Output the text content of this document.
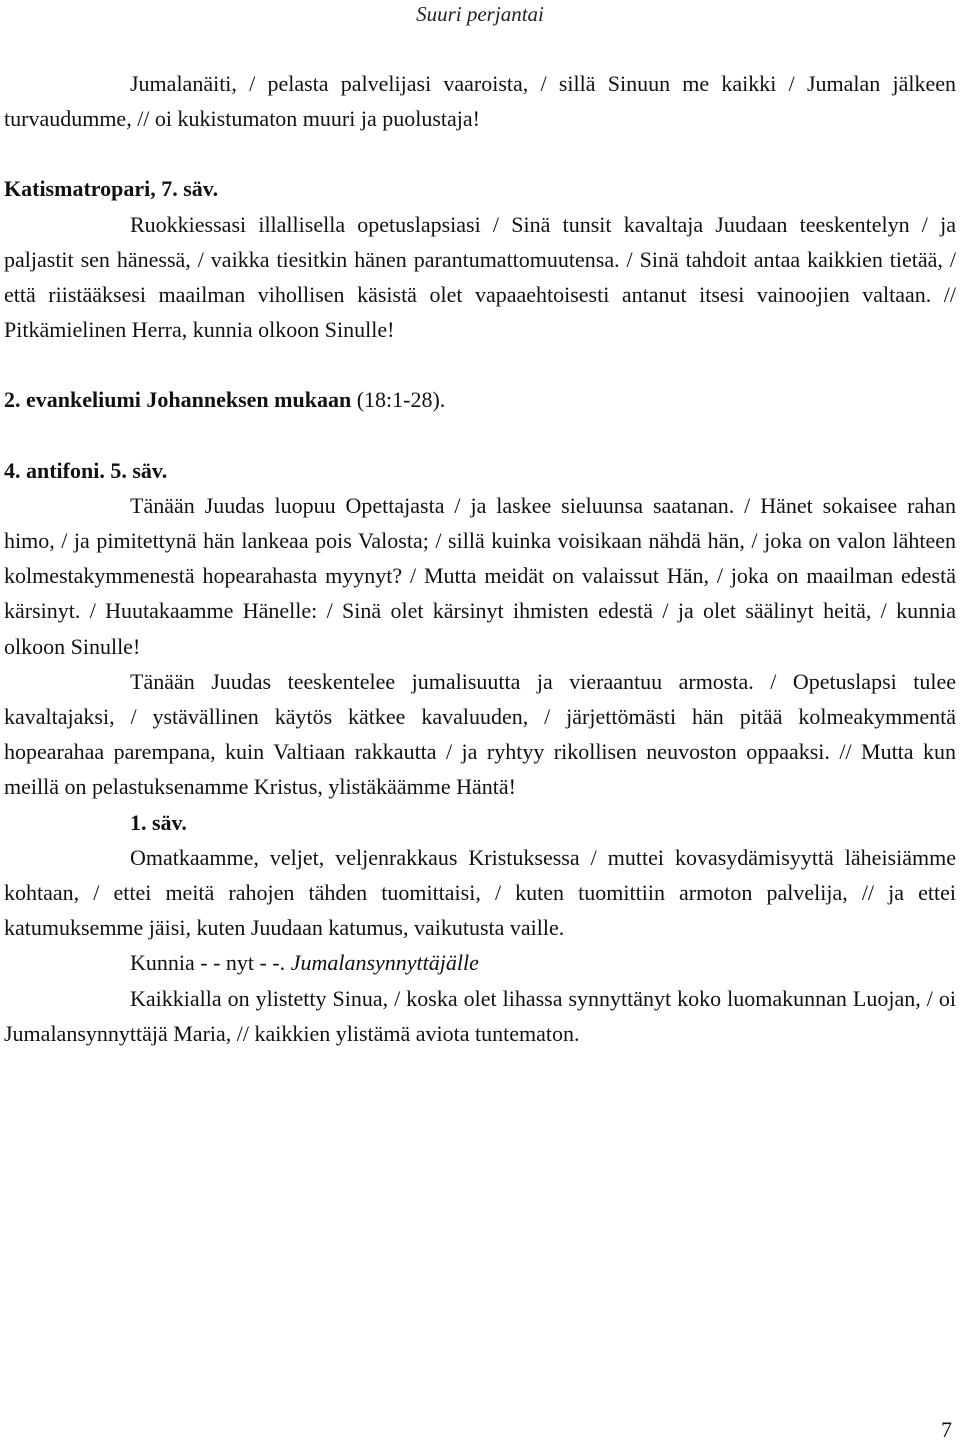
Suuri perjantai

Jumalanäiti, / pelasta palvelijasi vaaroista, / sillä Sinuun me kaikki / Jumalan jälkeen turvaudumme, // oi kukistumaton muuri ja puolustaja!

Katismatropari, 7. säv.

Ruokkiessasi illallisella opetuslapsiasi / Sinä tunsit kavaltaja Juudaan teeskentelyn / ja paljastit sen hänessä, / vaikka tiesitkin hänen parantumattomuutensa. / Sinä tahdoit antaa kaikkien tietää, / että riistääksesi maailman vihollisen käsistä olet vapaaehtoisesti antanut itsesi vainoojien valtaan. // Pitkämielinen Herra, kunnia olkoon Sinulle!

2. evankeliumi Johanneksen mukaan (18:1-28).

4. antifoni. 5. säv.

Tänään Juudas luopuu Opettajasta / ja laskee sieluunsa saatanan. / Hänet sokaisee rahan himo, / ja pimitettynä hän lankeaa pois Valosta; / sillä kuinka voisikaan nähdä hän, / joka on valon lähteen kolmestakymmenestä hopearahasta myynyt? / Mutta meidät on valaissut Hän, / joka on maailman edestä kärsinyt. / Huutakaamme Hänelle: / Sinä olet kärsinyt ihmisten edestä / ja olet säälinyt heitä, / kunnia olkoon Sinulle!

Tänään Juudas teeskentelee jumalisuutta ja vieraantuu armosta. / Opetuslapsi tulee kavaltajaksi, / ystävällinen käytös kätkee kavaluuden, / järjettömästi hän pitää kolmeakymmentä hopearahaa parempana, kuin Valtiaan rakkautta / ja ryhtyy rikollisen neuvoston oppaaksi. // Mutta kun meillä on pelastuksenamme Kristus, ylistäkäämme Häntä!

1. säv.

Omatkaamme, veljet, veljenrakkaus Kristuksessa / muttei kovasydämisyyttä läheisiämme kohtaan, / ettei meitä rahojen tähden tuomittaisi, / kuten tuomittiin armoton palvelija, // ja ettei katumuksemme jäisi, kuten Juudaan katumus, vaikutusta vaille.

Kunnia - - nyt - -. Jumalansynnyttäjälle

Kaikkialla on ylistetty Sinua, / koska olet lihassa synnyttänyt koko luomakunnan Luojan, / oi Jumalansynnyttäjä Maria, // kaikkien ylistämä aviota tuntematon.

7
